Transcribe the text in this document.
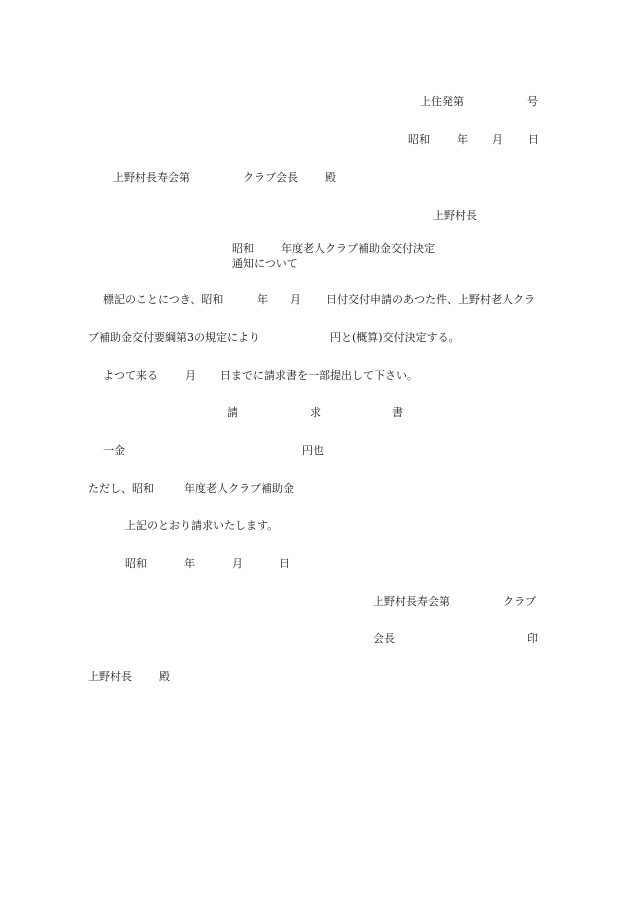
上住発第	号
昭和 年 月 日
上野村長寿会第	クラブ会長 殿
上野村長
昭和 年度老人クラブ補助金交付決定
通知について
標記のことにつき、昭和	年 月 日付交付申請のあつた件、上野村老人クラ
ブ補助金交付要綱第3の規定により	円と(概算)交付決定する。
よつて来る 月 日までに請求書を一部提出して下さい。
請	求	書
一金	円也
ただし、昭和	年度老人クラブ補助金
上記のとおり請求いたします。
昭和	年	月	日
上野村長寿会第	クラブ
会長	印
上野村長 殿
